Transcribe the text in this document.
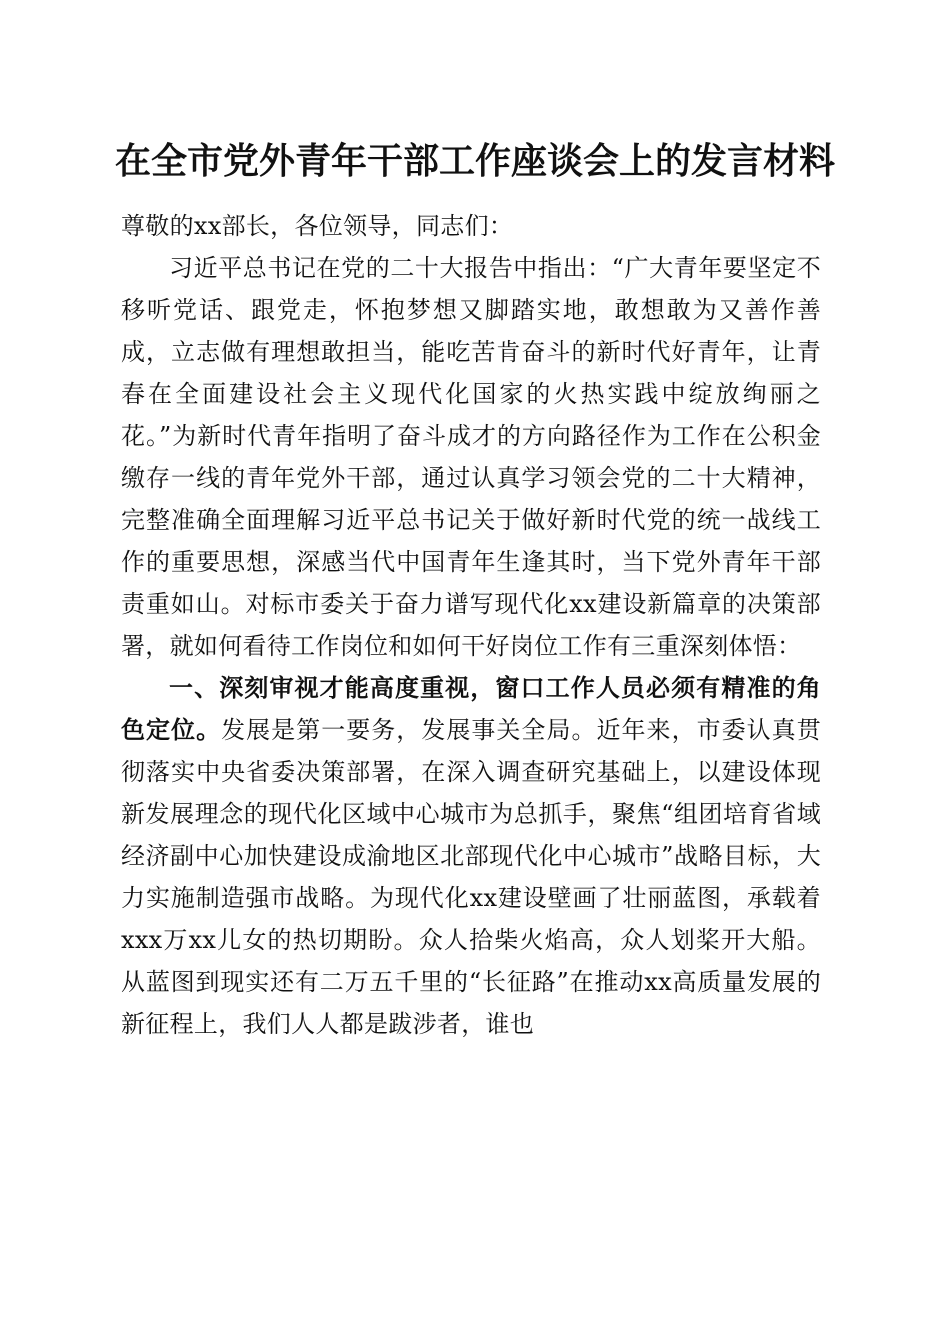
在全市党外青年干部工作座谈会上的发言材料

尊敬的xx部长，各位领导，同志们：

习近平总书记在党的二十大报告中指出：“广大青年要坚定不移听党话、跟党走，怀抱梦想又脚踏实地，敢想敢为又善作善成，立志做有理想敢担当，能吃苦肯奋斗的新时代好青年，让青春在全面建设社会主义现代化国家的火热实践中绽放绚丽之花。”为新时代青年指明了奋斗成才的方向路径作为工作在公积金缴存一线的青年党外干部，通过认真学习领会党的二十大精神，完整准确全面理解习近平总书记关于做好新时代党的统一战线工作的重要思想，深感当代中国青年生逢其时，当下党外青年干部责重如山。对标市委关于奋力谱写现代化xx建设新篇章的决策部署，就如何看待工作岗位和如何干好岗位工作有三重深刻体悟：

一、深刻审视才能高度重视，窗口工作人员必须有精准的角色定位。发展是第一要务，发展事关全局。近年来，市委认真贯彻落实中央省委决策部署，在深入调查研究基础上，以建设体现新发展理念的现代化区域中心城市为总抓手，聚焦“组团培育省域经济副中心加快建设成渝地区北部现代化中心城市”战略目标，大力实施制造强市战略。为现代化xx建设壁画了壮丽蓝图，承载着xxx万xx儿女的热切期盼。众人拾柴火焰高，众人划桨开大船。从蓝图到现实还有二万五千里的“长征路”在推动xx高质量发展的新征程上，我们人人都是跋涉者，谁也
